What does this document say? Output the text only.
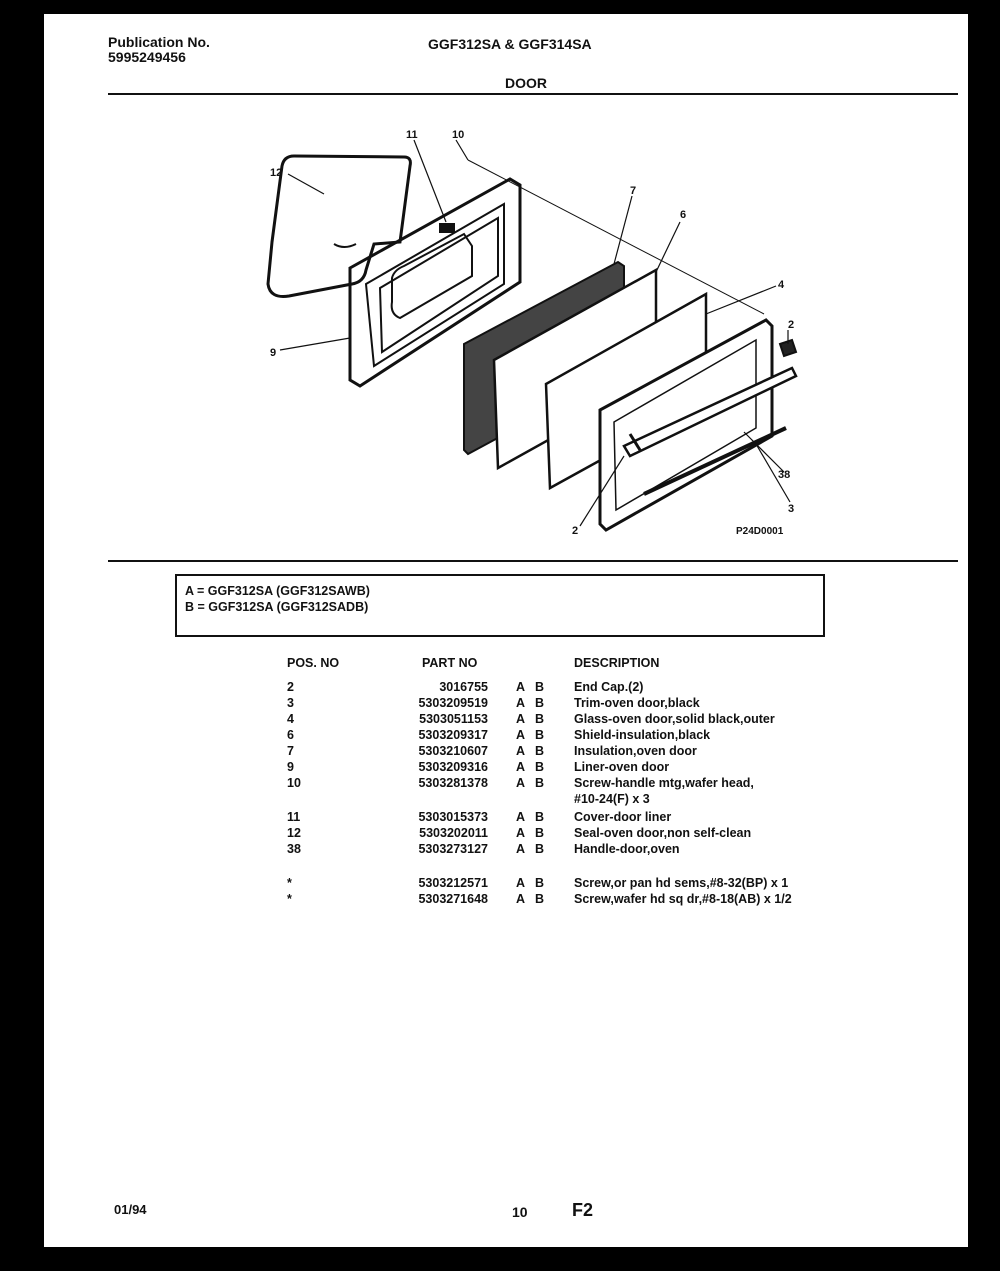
Publication No.
5995249456
GGF312SA & GGF314SA
DOOR
12
11	10
7
6
4
2
9
38
3
2	P24D0001
A = GGF312SA (GGF312SAWB)
B = GGF312SA (GGF312SADB)
POS. NO	PART NO	DESCRIPTION
2	3016755 A B End Cap.(2)
3	5303209519 A B Trim-oven door,black
4	5303051153 A B Glass-oven door,solid black,outer
6	5303209317 A B Shield-insulation,black
7	5303210607 A B Insulation,oven door
9	5303209316 A B Liner-oven door
10	5303281378 A B Screw-handle mtg,wafer head,
#10-24(F) x 3
11	5303015373 A B Cover-door liner
12	5303202011 A B Seal-oven door,non self-clean
38	5303273127 A B Handle-door,oven
*	5303212571 A B Screw,or pan hd sems,#8-32(BP) x 1
*	5303271648 A B Screw,wafer hd sq dr,#8-18(AB) x 1/2
01/94	10 F2
